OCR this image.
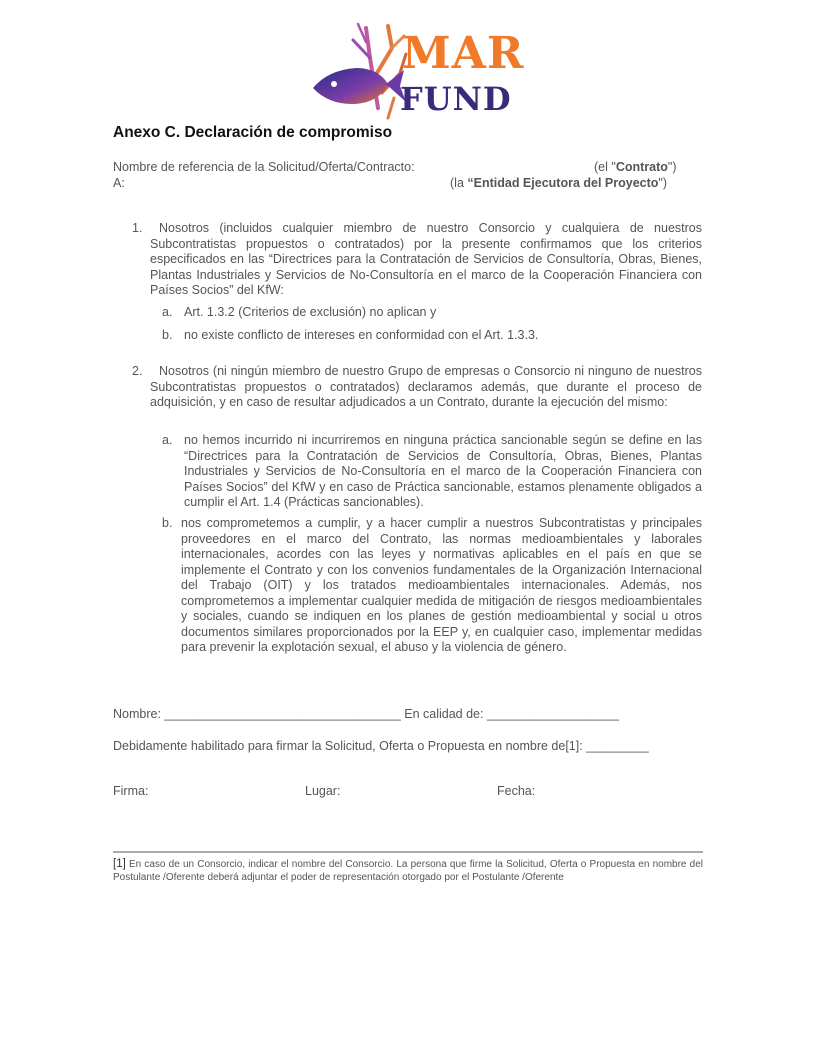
MAR
FUND
Anexo C. Declaración de compromiso
Nombre de referencia de la Solicitud/Oferta/Contracto:	(el "Contrato")
A:	(la “Entidad Ejecutora del Proyecto")
1.	Nosotros (incluidos cualquier miembro de nuestro Consorcio y cualquiera de nuestros Subcontratistas propuestos o contratados) por la presente confirmamos que los criterios especificados en las “Directrices para la Contratación de Servicios de Consultoría, Obras, Bienes, Plantas Industriales y Servicios de No-Consultoría en el marco de la Cooperación Financiera con Países Socios” del KfW:
a. Art. 1.3.2 (Criterios de exclusión) no aplican y
b. no existe conflicto de intereses en conformidad con el Art. 1.3.3.
2.	Nosotros (ni ningún miembro de nuestro Grupo de empresas o Consorcio ni ninguno de nuestros Subcontratistas propuestos o contratados) declaramos además, que durante el proceso de adquisición, y en caso de resultar adjudicados a un Contrato, durante la ejecución del mismo:
a. no hemos incurrido ni incurriremos en ninguna práctica sancionable según se define en las “Directrices para la Contratación de Servicios de Consultoría, Obras, Bienes, Plantas Industriales y Servicios de No-Consultoría en el marco de la Cooperación Financiera con Países Socios” del KfW y en caso de Práctica sancionable, estamos plenamente obligados a cumplir el Art. 1.4 (Prácticas sancionables).
b. nos comprometemos a cumplir, y a hacer cumplir a nuestros Subcontratistas y principales proveedores en el marco del Contrato, las normas medioambientales y laborales internacionales, acordes con las leyes y normativas aplicables en el país en que se implemente el Contrato y con los convenios fundamentales de la Organización Internacional del Trabajo (OIT) y los tratados medioambientales internacionales. Además, nos comprometemos a implementar cualquier medida de mitigación de riesgos medioambientales y sociales, cuando se indiquen en los planes de gestión medioambiental y social u otros documentos similares proporcionados por la EEP y, en cualquier caso, implementar medidas para prevenir la explotación sexual, el abuso y la violencia de género.
Nombre: __________________________________ En calidad de: ___________________
Debidamente habilitado para firmar la Solicitud, Oferta o Propuesta en nombre de[1]: _________
Firma:	Lugar:	Fecha:
[1] En caso de un Consorcio, indicar el nombre del Consorcio. La persona que firme la Solicitud, Oferta o Propuesta en nombre del Postulante /Oferente deberá adjuntar el poder de representación otorgado por el Postulante /Oferente
